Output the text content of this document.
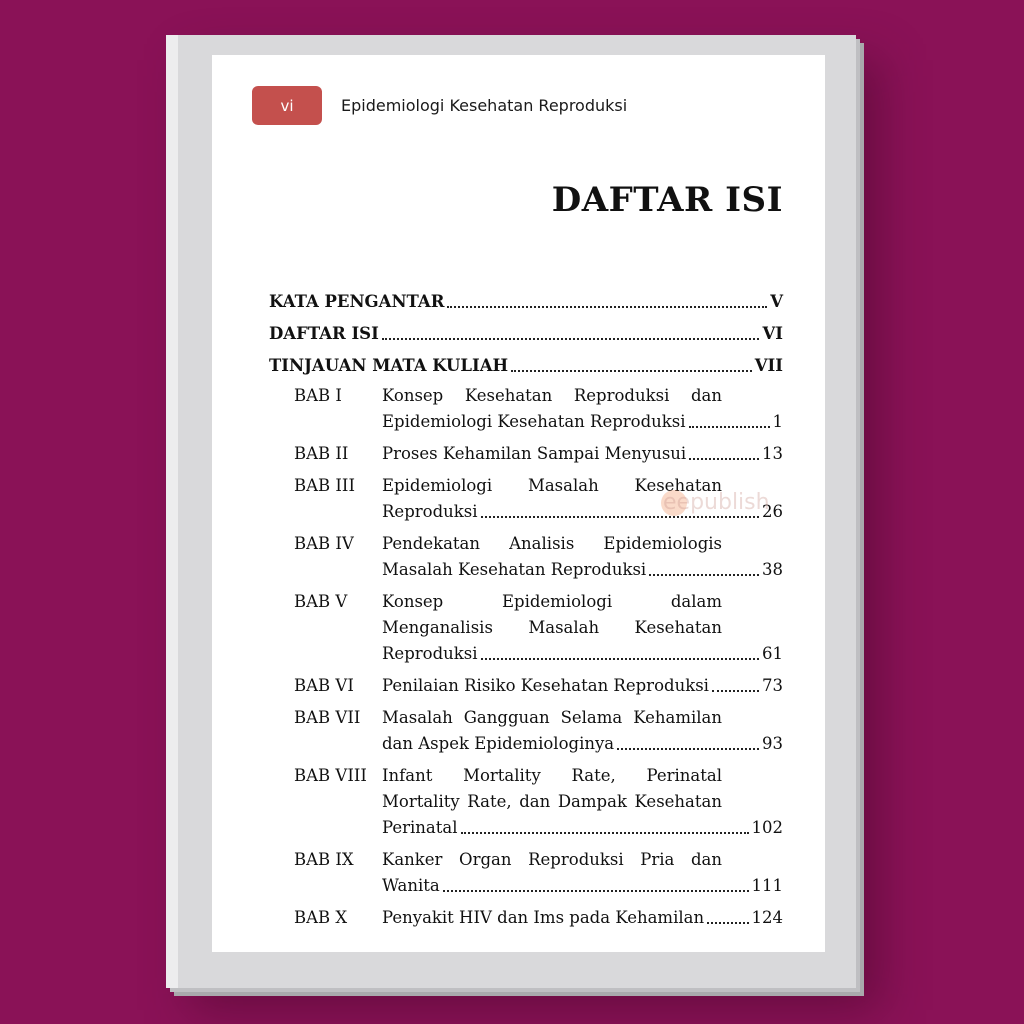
vi	Epidemiologi Kesehatan Reproduksi
DAFTAR ISI
KATA PENGANTAR	V
DAFTAR ISI	VI
TINJAUAN MATA KULIAH	VII
BAB I	Konsep Kesehatan Reproduksi dan
Epidemiologi Kesehatan Reproduksi	1
BAB II	Proses Kehamilan Sampai Menyusui	13
BAB III	Epidemiologi Masalah Kesehatan
Reproduksi	26
BAB IV	Pendekatan Analisis Epidemiologis
Masalah Kesehatan Reproduksi	38
BAB V	Konsep Epidemiologi dalam
Menganalisis Masalah Kesehatan
Reproduksi	61
BAB VI	Penilaian Risiko Kesehatan Reproduksi	73
BAB VII	Masalah Gangguan Selama Kehamilan
dan Aspek Epidemiologinya	93
BAB VIII Infant Mortality Rate, Perinatal
Mortality Rate, dan Dampak Kesehatan
Perinatal	102
BAB IX	Kanker Organ Reproduksi Pria dan
Wanita	111
BAB X	Penyakit HIV dan Ims pada Kehamilan	124
eepublish
